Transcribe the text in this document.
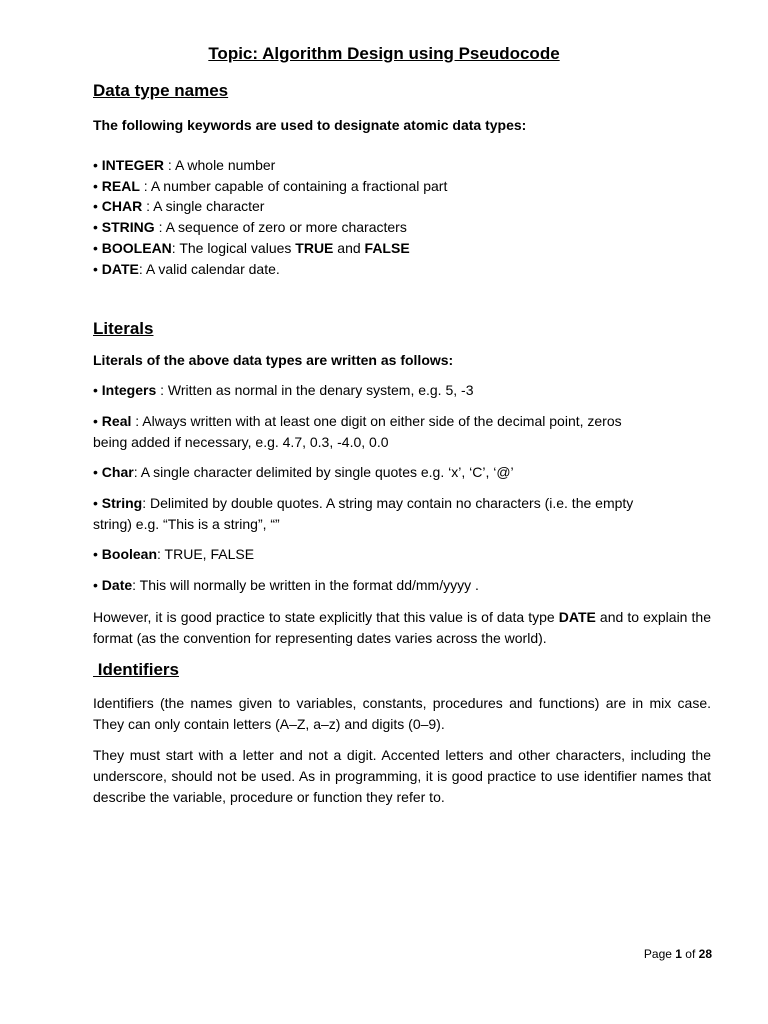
Topic: Algorithm Design using Pseudocode
Data type names
The following keywords are used to designate atomic data types:
• INTEGER : A whole number
• REAL : A number capable of containing a fractional part
• CHAR : A single character
• STRING : A sequence of zero or more characters
• BOOLEAN: The logical values TRUE and FALSE
• DATE: A valid calendar date.
Literals
Literals of the above data types are written as follows:
• Integers : Written as normal in the denary system, e.g. 5, -3
• Real : Always written with at least one digit on either side of the decimal point, zeros
being added if necessary, e.g. 4.7, 0.3, -4.0, 0.0
• Char: A single character delimited by single quotes e.g. ‘x’, ‘C’, ‘@’
• String: Delimited by double quotes. A string may contain no characters (i.e. the empty
string) e.g. “This is a string”, “”
• Boolean: TRUE, FALSE
• Date: This will normally be written in the format dd/mm/yyyy .
However, it is good practice to state explicitly that this value is of data type DATE and to explain the format (as the convention for representing dates varies across the world).
Identifiers
Identifiers (the names given to variables, constants, procedures and functions) are in mix case. They can only contain letters (A–Z, a–z) and digits (0–9).
They must start with a letter and not a digit. Accented letters and other characters, including the underscore, should not be used. As in programming, it is good practice to use identifier names that describe the variable, procedure or function they refer to.
Page 1 of 28
